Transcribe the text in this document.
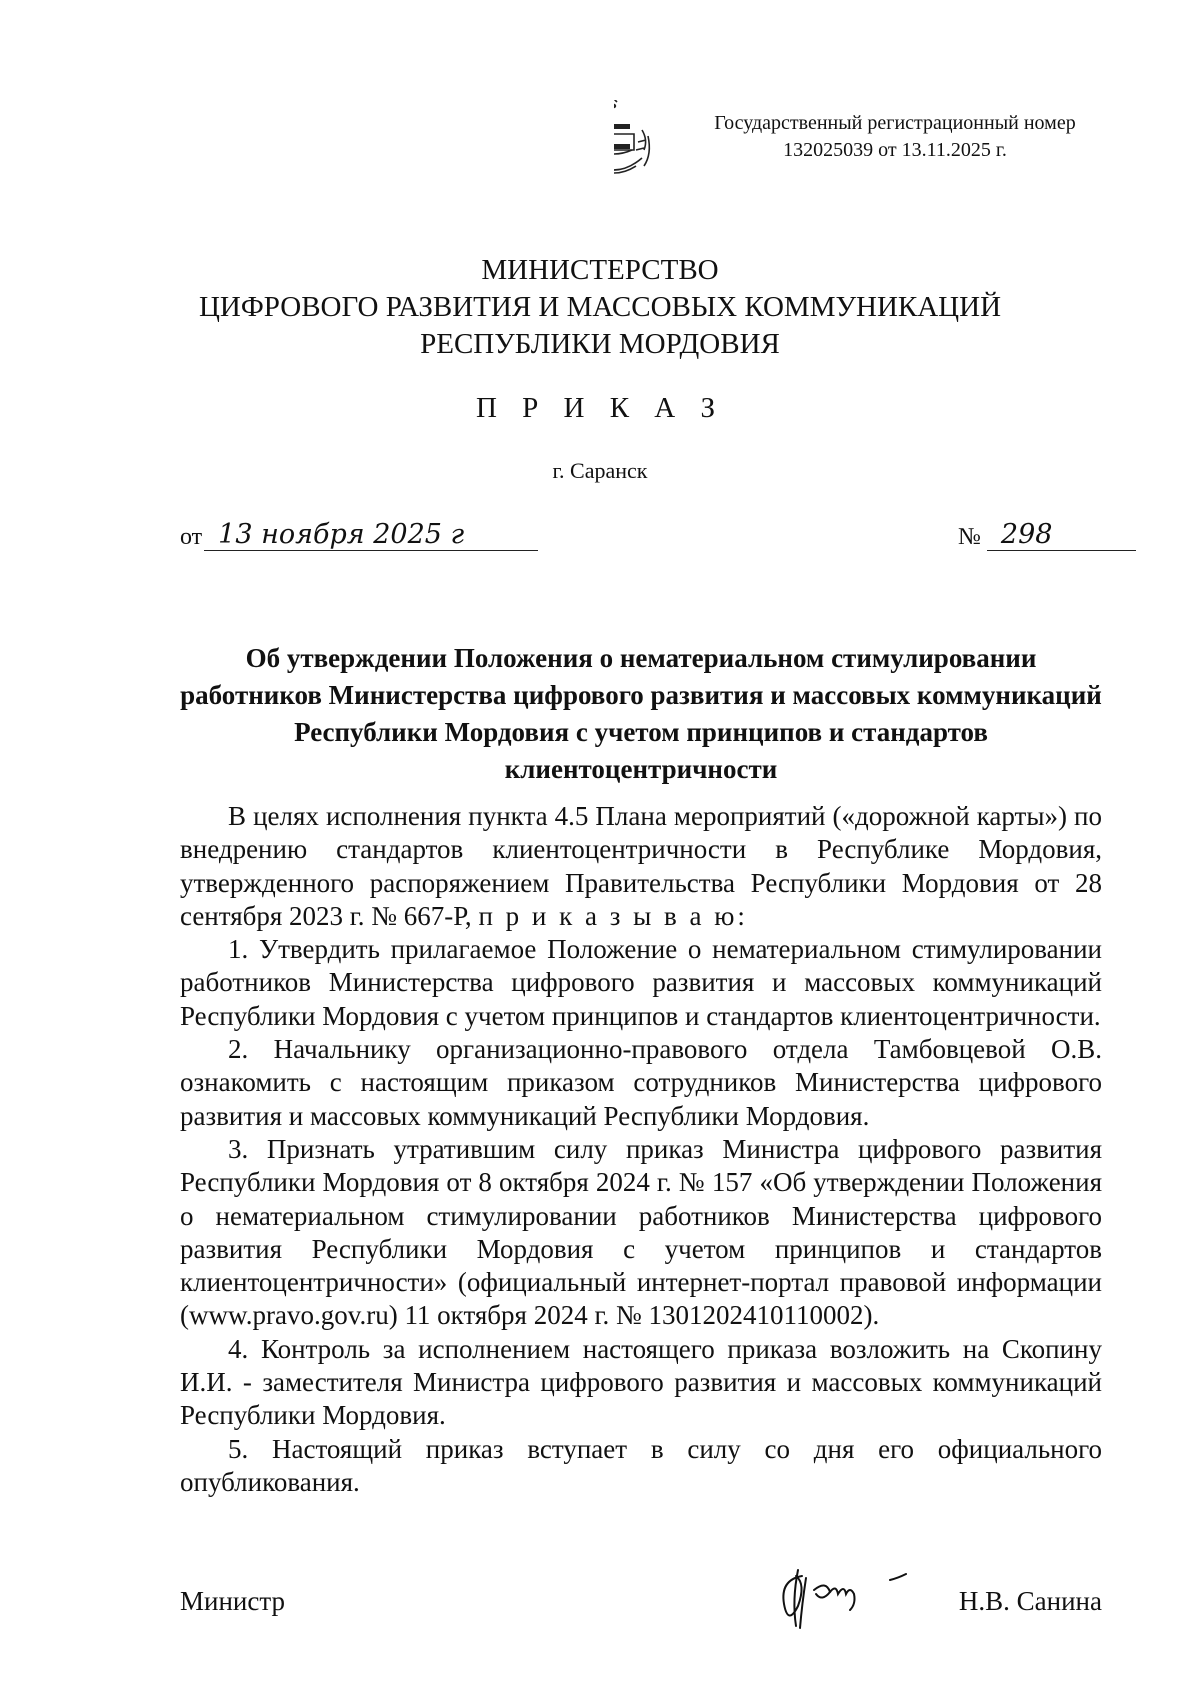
Государственный регистрационный номер
132025039 от 13.11.2025 г.
МИНИСТЕРСТВО
ЦИФРОВОГО РАЗВИТИЯ И МАССОВЫХ КОММУНИКАЦИЙ
РЕСПУБЛИКИ МОРДОВИЯ
П Р И К А З
г. Саранск
от 13 ноября 2025 г	№ 298
Об утверждении Положения о нематериальном стимулировании работников Министерства цифрового развития и массовых коммуникаций Республики Мордовия с учетом принципов и стандартов клиентоцентричности

В целях исполнения пункта 4.5 Плана мероприятий («дорожной карты») по внедрению стандартов клиентоцентричности в Республике Мордовия, утвержденного распоряжением Правительства Республики Мордовия от 28 сентября 2023 г. № 667-Р, п р и к а з ы в а ю:

1. Утвердить прилагаемое Положение о нематериальном стимулировании работников Министерства цифрового развития и массовых коммуникаций Республики Мордовия с учетом принципов и стандартов клиентоцентричности.

2. Начальнику организационно-правового отдела Тамбовцевой О.В. ознакомить с настоящим приказом сотрудников Министерства цифрового развития и массовых коммуникаций Республики Мордовия.

3. Признать утратившим силу приказ Министра цифрового развития Республики Мордовия от 8 октября 2024 г. № 157 «Об утверждении Положения о нематериальном стимулировании работников Министерства цифрового развития Республики Мордовия с учетом принципов и стандартов клиентоцентричности» (официальный интернет-портал правовой информации (www.pravo.gov.ru) 11 октября 2024 г. № 1301202410110002).

4. Контроль за исполнением настоящего приказа возложить на Скопину И.И. - заместителя Министра цифрового развития и массовых коммуникаций Республики Мордовия.

5. Настоящий приказ вступает в силу со дня его официального опубликования.

Министр	Н.В. Санина
